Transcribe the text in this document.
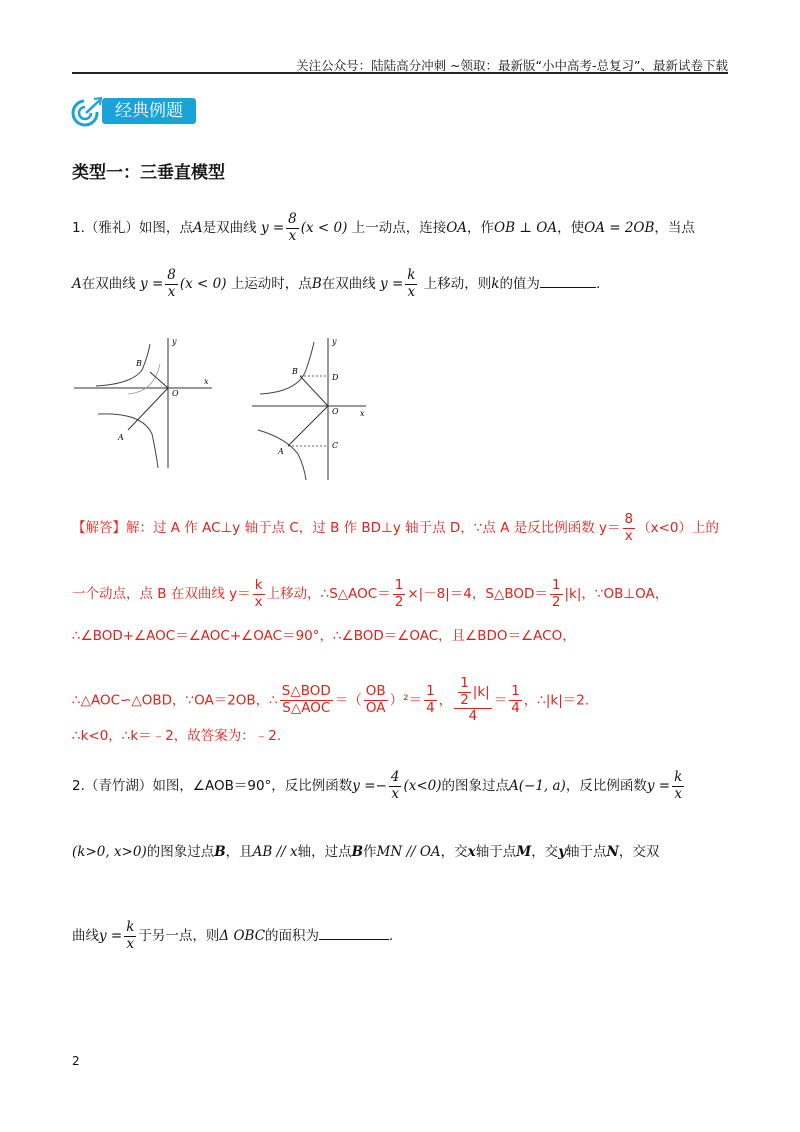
关注公众号：陆陆高分冲刺 ~领取：最新版“小中高考-总复习”、最新试卷下载
经典例题
类型一：三垂直模型
1.（雅礼）如图，点A是双曲线 $y = \frac{8}{x} (x < 0)$ 上一动点，连接OA，作OB ⊥ OA，使OA = 2OB，当点
A在双曲线 $y = \frac{8}{x} (x < 0)$ 上运动时，点B在双曲线 $y = \frac{k}{x}$ 上移动，则k的值为	.
B
O
x
y
A
B
O	x
y
A
D
C
【解答】解：过 A 作 AC⊥y 轴于点 C，过 B 作 BD⊥y 轴于点 D，∵点 A 是反比例函数 $y= \frac{8}{x} (x<0)$上的
一个动点，点 B 在双曲线 $y= \frac{k}{x}$ 上移动，∴S△AOC＝ $\frac{1}{2} \times|-8|=4$，S△BOD＝ $\frac{1}{2} |k|$，∵OB⊥OA，
∴∠BOD+∠AOC＝∠AOC+∠OAC＝90°，∴∠BOD＝∠OAC，且∠BDO＝∠ACO，
∴△AOC∽△OBD，∵OA＝2OB，∴ $\frac{\text{S△BOD}}{\text{S△AOC}}$ ＝（ $\frac{OB}{OA} )^2= \frac{1}{4}$ ， $\frac{\frac{1}{2} |k|}{4} = \frac{1}{4}$ ，∴|k|＝2.
∴k<0，∴k＝﹣2，故答案为：﹣2.
2.（青竹湖）如图，∠AOB＝90°，反比例函数$y =- \frac{4}{x} (x<0)$的图象过点A(−1, a)，反比例函数$y = \frac{k}{x}$
(k>0, x>0)的图象过点B，且AB // x轴，过点B作MN // OA，交x轴于点M，交y轴于点N，交双
曲线$y = \frac{k}{x}$ 于另一点，则Δ OBC的面积为	.
2
